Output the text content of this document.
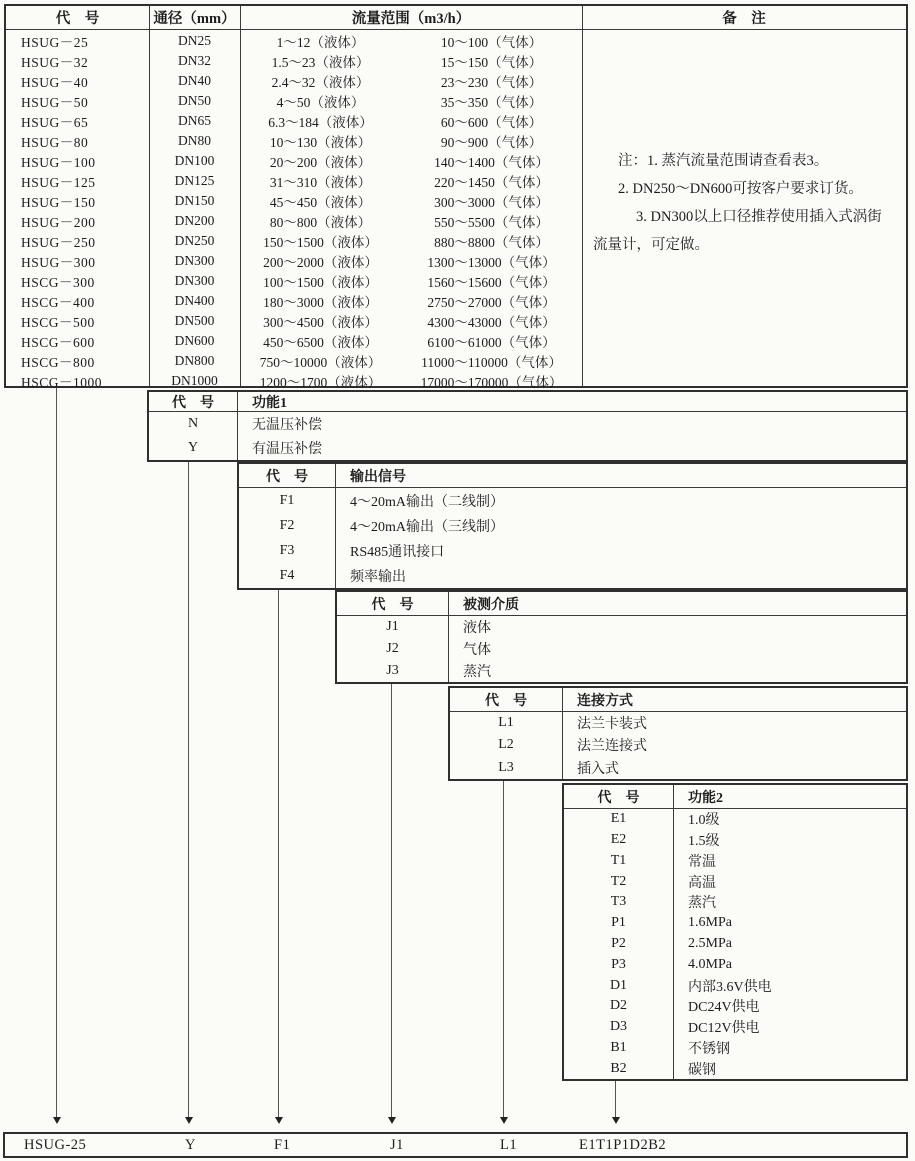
代　号	通径（mm）	流量范围（m3/h）	备　注
HSUG－25	DN25	1～12（液体）	10～100（气体）
HSUG－32	DN32	1.5～23（液体）	15～150（气体）
HSUG－40	DN40	2.4～32（液体）	23～230（气体）
HSUG－50	DN50	4～50（液体）	35～350（气体）
HSUG－65	DN65	6.3～184（液体）	60～600（气体）
HSUG－80	DN80	10～130（液体）	90～900（气体）
HSUG－100	DN100	20～200（液体）	140～1400（气体）
HSUG－125	DN125	31～310（液体）	220～1450（气体）
HSUG－150	DN150	45～450（液体）	300～3000（气体）
HSUG－200	DN200	80～800（液体）	550～5500（气体）
HSUG－250	DN250	150～1500（液体）	880～8800（气体）
HSUG－300	DN300	200～2000（液体）	1300～13000（气体）
HSCG－300	DN300	100～1500（液体）	1560～15600（气体）
HSCG－400	DN400	180～3000（液体）	2750～27000（气体）
HSCG－500	DN500	300～4500（液体）	4300～43000（气体）
HSCG－600	DN600	450～6500（液体）	6100～61000（气体）
HSCG－800	DN800	750～10000（液体）	11000～110000（气体）
HSCG－1000	DN1000	1200～1700（液体）	17000～170000（气体）
注：1. 蒸汽流量范围请查看表3。
2. DN250～DN600可按客户要求订货。
3. DN300以上口径推荐使用插入式涡街
流量计，可定做。
代　号	功能1
N	无温压补偿
Y	有温压补偿
代　号	输出信号
F1	4～20mA输出（二线制）
F2	4～20mA输出（三线制）
F3	RS485通讯接口
F4	频率输出
代　号	被测介质
J1	液体
J2	气体
J3	蒸汽
代　号	连接方式
L1	法兰卡装式
L2	法兰连接式
L3	插入式
代　号	功能2
E1	1.0级
E2	1.5级
T1	常温
T2	高温
T3	蒸汽
P1	1.6MPa
P2	2.5MPa
P3	4.0MPa
D1	内部3.6V供电
D2	DC24V供电
D3	DC12V供电
B1	不锈钢
B2	碳钢
HSUG-25	Y	F1	J1	L1	E1T1P1D2B2
